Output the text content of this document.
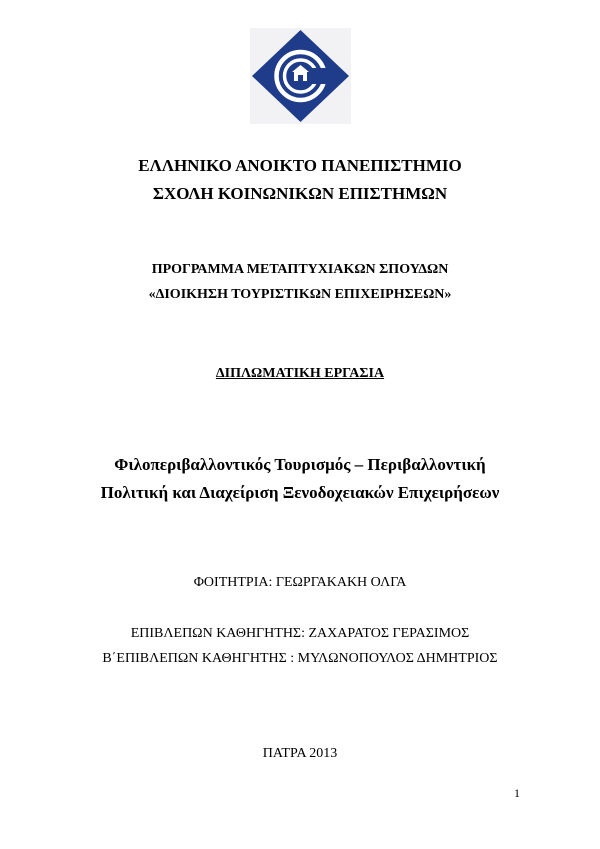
ΕΛΛΗΝΙΚΟ ΑΝΟΙΚΤΟ ΠΑΝΕΠΙΣΤΗΜΙΟ
ΣΧΟΛΗ ΚΟΙΝΩΝΙΚΩΝ ΕΠΙΣΤΗΜΩΝ
ΠΡΟΓΡΑΜΜΑ ΜΕΤΑΠΤΥΧΙΑΚΩΝ ΣΠΟΥΔΩΝ
«ΔΙΟΙΚΗΣΗ ΤΟΥΡΙΣΤΙΚΩΝ ΕΠΙΧΕΙΡΗΣΕΩΝ»
ΔΙΠΛΩΜΑΤΙΚΗ ΕΡΓΑΣΙΑ
Φιλοπεριβαλλοντικός Τουρισμός – Περιβαλλοντική
Πολιτική και Διαχείριση Ξενοδοχειακών Επιχειρήσεων
ΦΟΙΤΗΤΡΙΑ: ΓΕΩΡΓΑΚΑΚΗ ΟΛΓΑ
ΕΠΙΒΛΕΠΩΝ ΚΑΘΗΓΗΤΗΣ: ΖΑΧΑΡΑΤΟΣ ΓΕΡΑΣΙΜΟΣ
Β΄ΕΠΙΒΛΕΠΩΝ ΚΑΘΗΓΗΤΗΣ : ΜΥΛΩΝΟΠΟΥΛΟΣ ΔΗΜΗΤΡΙΟΣ
ΠΑΤΡΑ 2013
1
